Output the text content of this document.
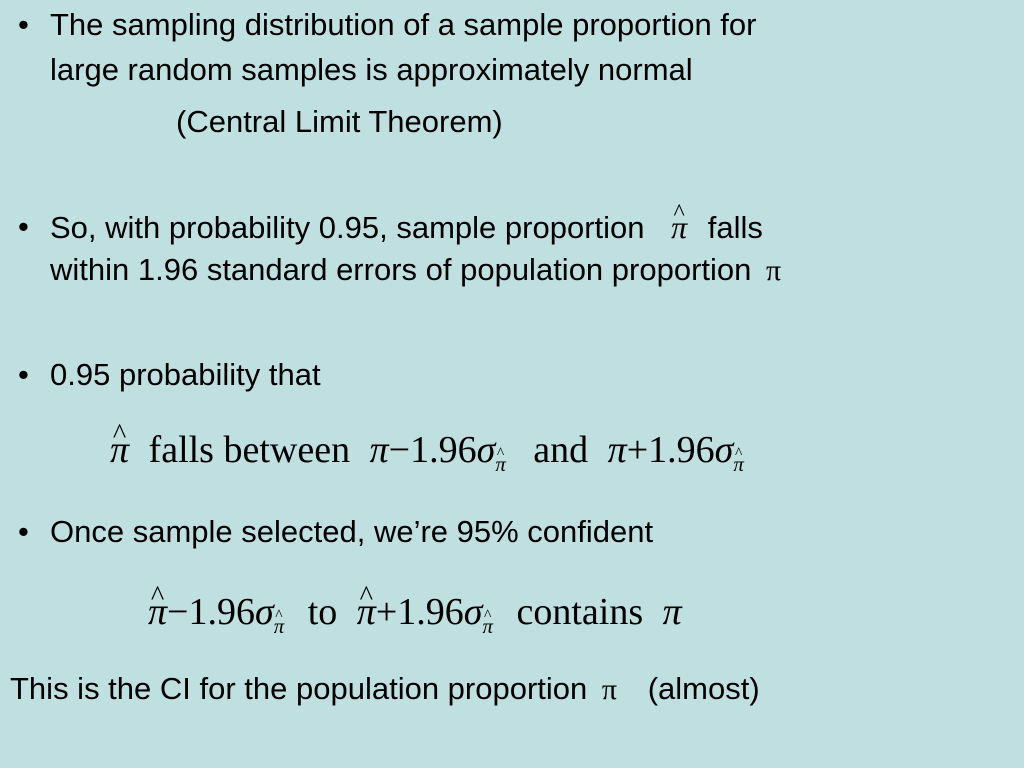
• The sampling distribution of a sample proportion for
large random samples is approximately normal
(Central Limit Theorem)
• So, with probability 0.95, sample proportion ^ π falls
within 1.96 standard errors of population proportion π
• 0.95 probability that
^ π falls between π−1.96σ^ π and π+1.96σ^ π
• Once sample selected, we’re 95% confident
^ π−1.96σ^ π to ^ π+1.96σ^ π contains π
This is the CI for the population proportion π (almost)
